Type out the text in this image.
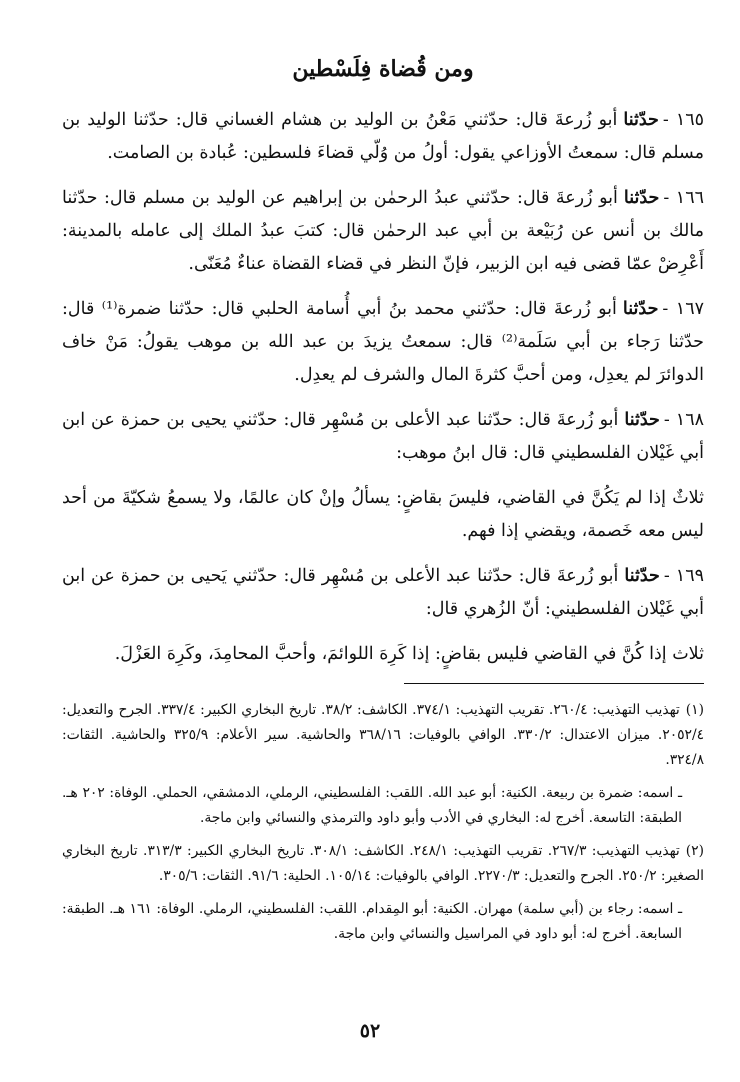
ومن قُضاة فِلَسْطين

١٦٥ -حدّثناأبو زُرعةَ قال: حدّثني مَعْنُ بن الوليد بن هشام الغساني قال: حدّثنا الوليد بن مسلم قال: سمعتُ الأوزاعي يقول: أولُ من وُلّي قضاءَ فلسطين: عُبادة بن الصامت.

١٦٦ -حدّثناأبو زُرعةَ قال: حدّثني عبدُ الرحمٰن بن إبراهيم عن الوليد بن مسلم قال: حدّثنا مالك بن أنس عن رُبَيْعة بن أبي عبد الرحمٰن قال: كتبَ عبدُ الملك إلى عامله بالمدينة: أَعْرِضْ عمّا قضى فيه ابن الزبير، فإنّ النظر في قضاء القضاة عناءٌ مُعَنّى.

١٦٧ -حدّثناأبو زُرعةَ قال: حدّثني محمد بنُ أبي أُسامة الحلبي قال: حدّثنا ضمرة⁽¹⁾ قال: حدّثنا رَجاء بن أبي سَلَمة⁽²⁾ قال: سمعتُ يزيدَ بن عبد الله بن موهب يقولُ: مَنْ خاف الدوائرَ لم يعدِل، ومن أحبَّ كثرةَ المال والشرف لم يعدِل.

١٦٨ -حدّثناأبو زُرعةَ قال: حدّثنا عبد الأعلى بن مُسْهِر قال: حدّثني يحيى بن حمزة عن ابن أبي غَيْلان الفلسطيني قال: قال ابنُ موهب:

ثلاثٌ إذا لم يَكُنَّ في القاضي، فليسَ بقاضٍ: يسألُ وإنْ كان عالمًا، ولا يسمعُ شكيّةَ من أحد ليس معه خَصمة، ويقضي إذا فهم.

١٦٩ -حدّثناأبو زُرعةَ قال: حدّثنا عبد الأعلى بن مُسْهِر قال: حدّثني يَحيى بن حمزة عن ابن أبي غَيْلان الفلسطيني: أنّ الزُهري قال:

ثلاث إذا كُنَّ في القاضي فليس بقاضٍ: إذا كَرِهَ اللوائمَ، وأحبَّ المحامِدَ، وكَرِهَ العَزْلَ.

(١)تهذيب التهذيب: ٢٦٠/٤. تقريب التهذيب: ٣٧٤/١. الكاشف: ٣٨/٢. تاريخ البخاري الكبير: ٣٣٧/٤. الجرح والتعديل: ٢٠٥٢/٤. ميزان الاعتدال: ٣٣٠/٢. الوافي بالوفيات: ٣٦٨/١٦ والحاشية. سير الأعلام: ٣٢٥/٩ والحاشية. الثقات: ٣٢٤/٨.

ـ اسمه: ضمرة بن ربيعة. الكنية: أبو عبد الله. اللقب: الفلسطيني، الرملي، الدمشقي، الحملي. الوفاة: ٢٠٢ هـ. الطبقة: التاسعة. أخرج له: البخاري في الأدب وأبو داود والترمذي والنسائي وابن ماجة.

(٢)تهذيب التهذيب: ٢٦٧/٣. تقريب التهذيب: ٢٤٨/١. الكاشف: ٣٠٨/١. تاريخ البخاري الكبير: ٣١٣/٣. تاريخ البخاري الصغير: ٢٥٠/٢. الجرح والتعديل: ٢٢٧٠/٣. الوافي بالوفيات: ١٠٥/١٤. الحلية: ٩١/٦. الثقات: ٣٠٥/٦.

ـ اسمه: رجاء بن (أبي سلمة) مهران. الكنية: أبو المِقدام. اللقب: الفلسطيني، الرملي. الوفاة: ١٦١ هـ. الطبقة: السابعة. أخرج له: أبو داود في المراسيل والنسائي وابن ماجة.

٥٢
